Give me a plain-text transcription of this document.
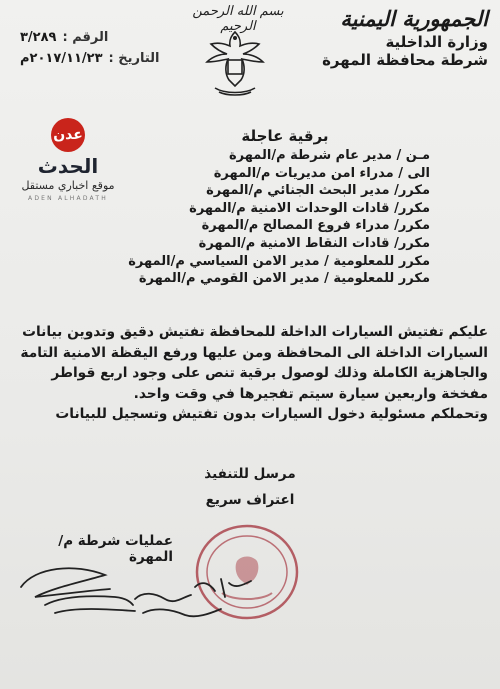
الجمهورية اليمنية
وزارة الداخلية
شرطة محافظة المهرة
بسم الله الرحمن الرحيم
الرقم :
٣/٢٨٩
التاريخ :
٢٠١٧/١١/٢٣م
عدن
الحدث
موقع اخباري مستقل
ADEN ALHADATH
برقية عاجلة
مـن / مدير عام شرطة م/المهرة
الى / مدراء امن مديريات م/المهرة
مكرر/ مدير البحث الجنائي م/المهرة
مكرر/ قادات الوحدات الامنية م/المهرة
مكرر/ مدراء فروع المصالح م/المهرة
مكرر/ قادات النقاط الامنية م/المهرة
مكرر للمعلومية / مدير الامن السياسي م/المهرة
مكرر للمعلومية / مدير الامن القومي م/المهرة
عليكم تفتيش السيارات الداخلة للمحافظة تفتيش دقيق وتدوين بيانات السيارات الداخلة الى المحافظة ومن عليها ورفع اليقظة الامنية التامة والجاهزية الكاملة وذلك لوصول برقية تنص على وجود اربع قواطر مفخخة واربعين سيارة سيتم تفجيرها في وقت واحد.
وتحملكم مسئولية دخول السيارات بدون تفتيش وتسجيل للبيانات
مرسل للتنفيذ
اعتراف سريع
عمليات شرطة م/المهرة
